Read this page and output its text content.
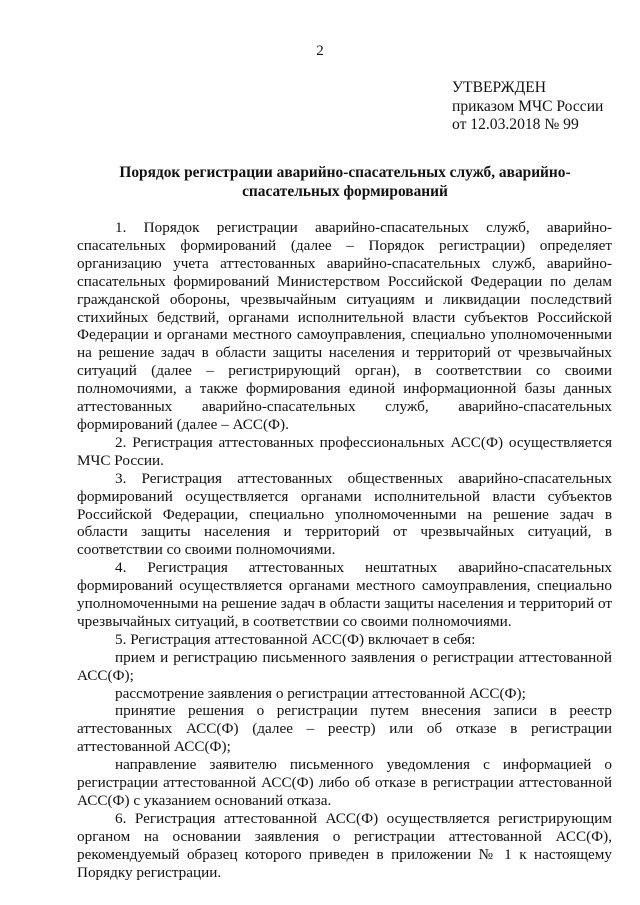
2
УТВЕРЖДЕН
приказом МЧС России
от 12.03.2018 № 99
Порядок регистрации аварийно-спасательных служб, аварийно-
спасательных формирований

1. Порядок регистрации аварийно-спасательных служб, аварийно-спасательных формирований (далее – Порядок регистрации) определяет организацию учета аттестованных аварийно-спасательных служб, аварийно-спасательных формирований Министерством Российской Федерации по делам гражданской обороны, чрезвычайным ситуациям и ликвидации последствий стихийных бедствий, органами исполнительной власти субъектов Российской Федерации и органами местного самоуправления, специально уполномоченными на решение задач в области защиты населения и территорий от чрезвычайных ситуаций (далее – регистрирующий орган), в соответствии со своими полномочиями, а также формирования единой информационной базы данных аттестованных аварийно-спасательных служб, аварийно-спасательных формирований (далее – АСС(Ф).

2. Регистрация аттестованных профессиональных АСС(Ф) осуществляется МЧС России.

3. Регистрация аттестованных общественных аварийно-спасательных формирований осуществляется органами исполнительной власти субъектов Российской Федерации, специально уполномоченными на решение задач в области защиты населения и территорий от чрезвычайных ситуаций, в соответствии со своими полномочиями.

4. Регистрация аттестованных нештатных аварийно-спасательных формирований осуществляется органами местного самоуправления, специально уполномоченными на решение задач в области защиты населения и территорий от чрезвычайных ситуаций, в соответствии со своими полномочиями.

5. Регистрация аттестованной АСС(Ф) включает в себя:

прием и регистрацию письменного заявления о регистрации аттестованной АСС(Ф);

рассмотрение заявления о регистрации аттестованной АСС(Ф);

принятие решения о регистрации путем внесения записи в реестр аттестованных АСС(Ф) (далее – реестр) или об отказе в регистрации аттестованной АСС(Ф);

направление заявителю письменного уведомления с информацией о регистрации аттестованной АСС(Ф) либо об отказе в регистрации аттестованной АСС(Ф) с указанием оснований отказа.

6. Регистрация аттестованной АСС(Ф) осуществляется регистрирующим органом на основании заявления о регистрации аттестованной АСС(Ф), рекомендуемый образец которого приведен в приложении № 1 к настоящему Порядку регистрации.
